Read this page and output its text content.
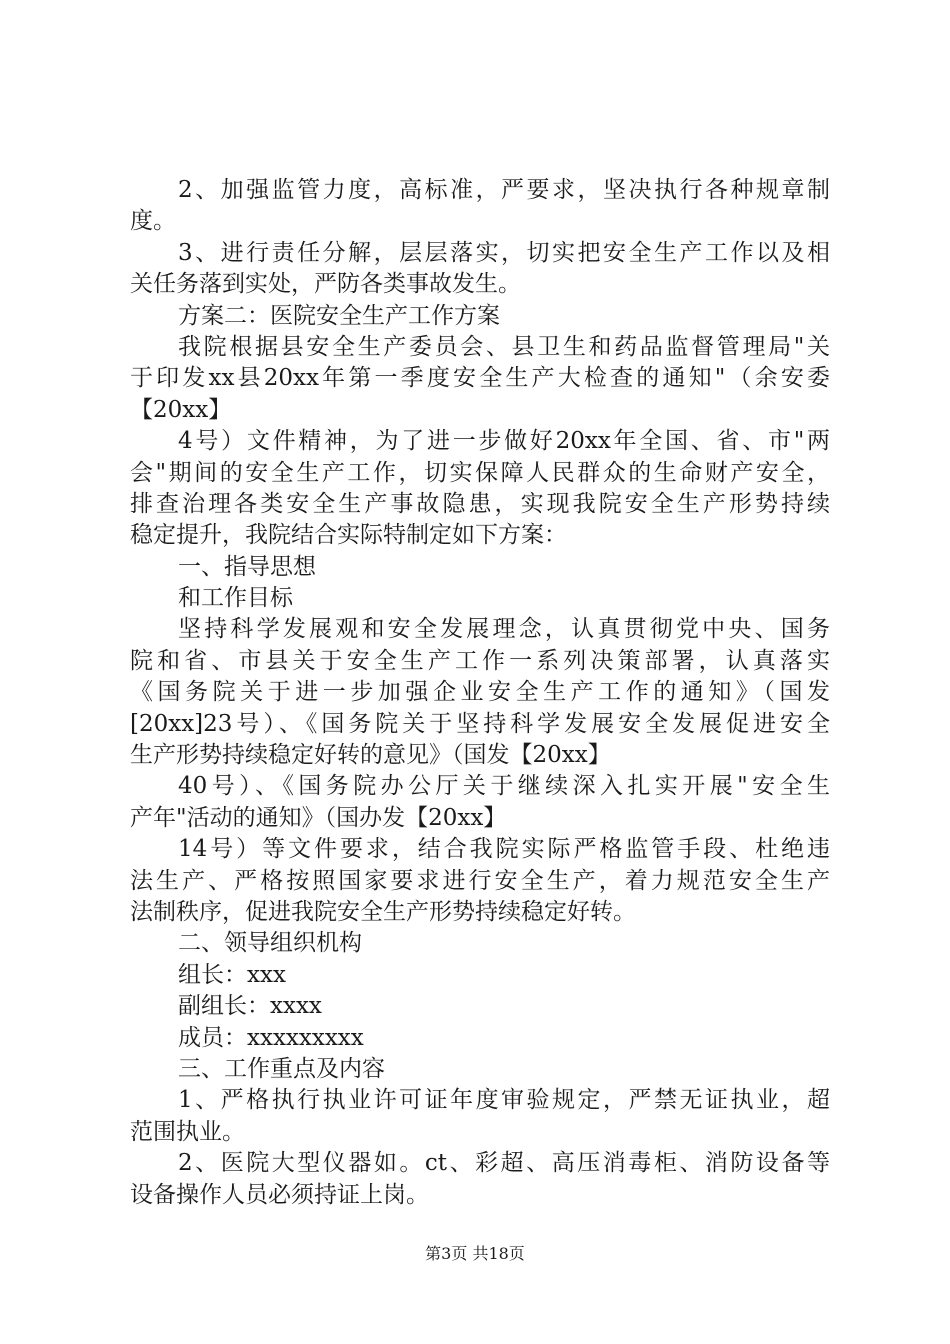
2、加强监管力度，高标准，严要求，坚决执行各种规章制
度。
3、进行责任分解，层层落实，切实把安全生产工作以及相
关任务落到实处，严防各类事故发生。
方案二：医院安全生产工作方案
我院根据县安全生产委员会、县卫生和药品监督管理局"关
于印发xx县20xx年第一季度安全生产大检查的通知"（余安委
【20xx】
4号）文件精神，为了进一步做好20xx年全国、省、市"两
会"期间的安全生产工作，切实保障人民群众的生命财产安全，
排查治理各类安全生产事故隐患，实现我院安全生产形势持续
稳定提升，我院结合实际特制定如下方案：
一、指导思想
和工作目标
坚持科学发展观和安全发展理念，认真贯彻党中央、国务
院和省、市县关于安全生产工作一系列决策部署，认真落实
《国务院关于进一步加强企业安全生产工作的通知》（国发
[20xx]23号）、《国务院关于坚持科学发展安全发展促进安全
生产形势持续稳定好转的意见》（国发【20xx】
40号）、《国务院办公厅关于继续深入扎实开展"安全生
产年"活动的通知》（国办发【20xx】
14号）等文件要求，结合我院实际严格监管手段、杜绝违
法生产、严格按照国家要求进行安全生产，着力规范安全生产
法制秩序，促进我院安全生产形势持续稳定好转。
二、领导组织机构
组长：xxx
副组长：xxxx
成员：xxxxxxxxx
三、工作重点及内容
1、严格执行执业许可证年度审验规定，严禁无证执业，超
范围执业。
2、医院大型仪器如。ct、彩超、高压消毒柜、消防设备等
设备操作人员必须持证上岗。
第3页 共18页
